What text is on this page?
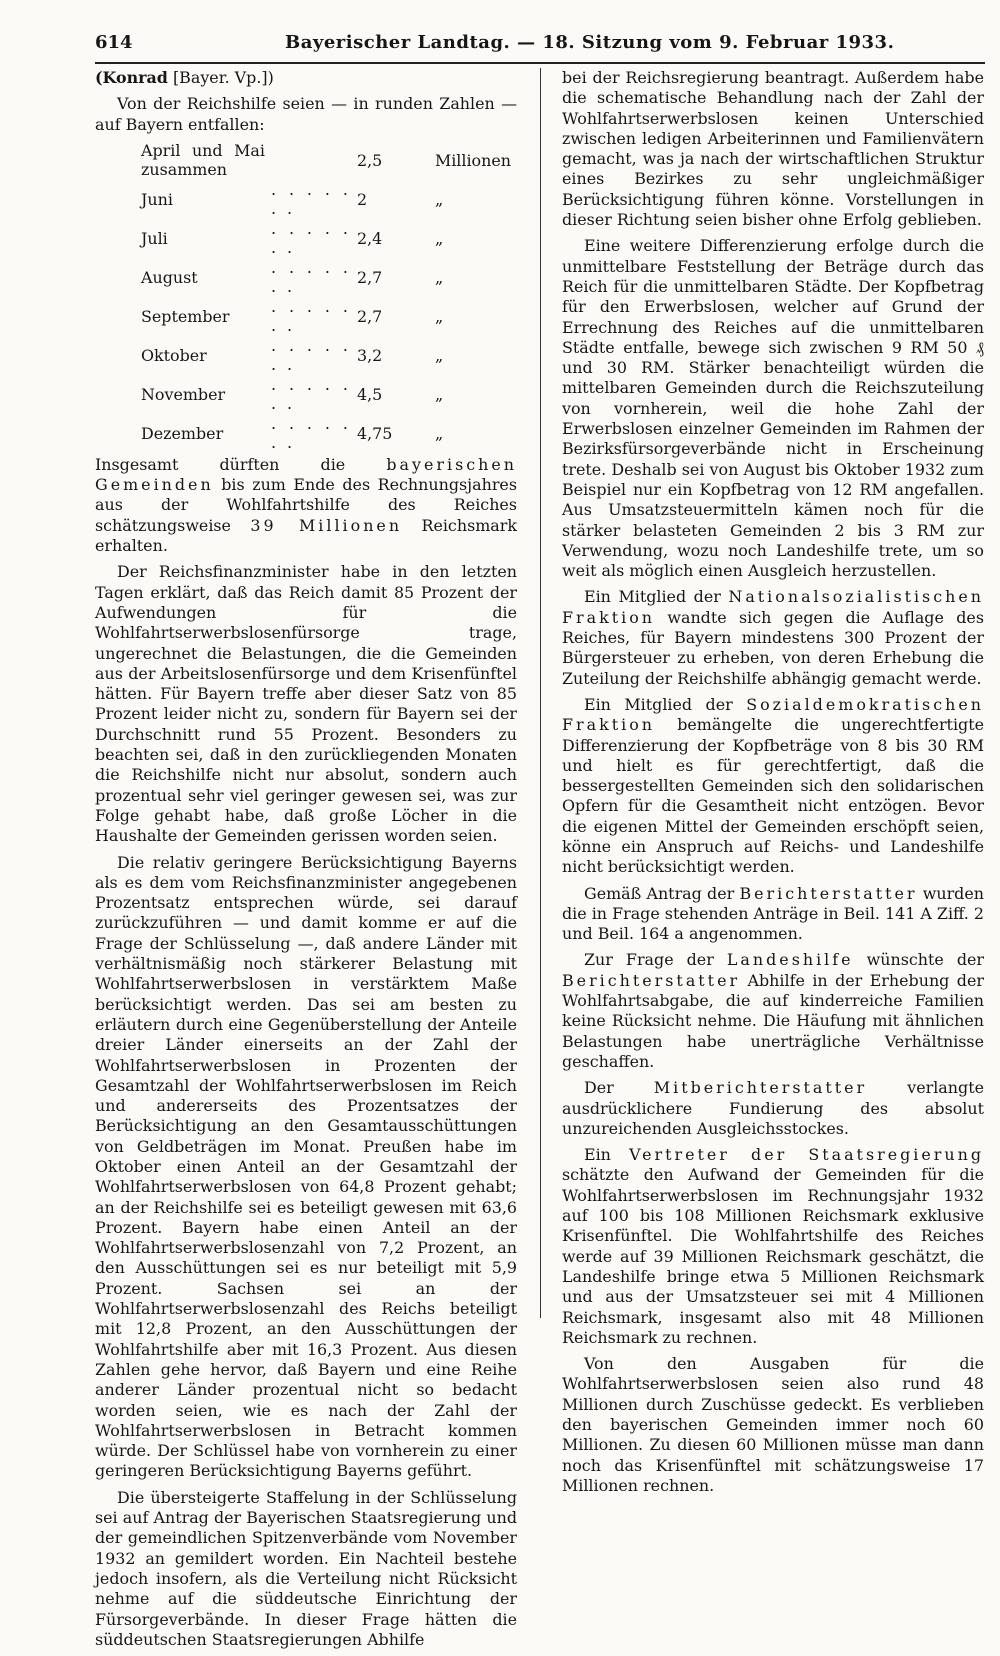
614	Bayerischer Landtag. — 18. Sitzung vom 9. Februar 1933.

(Konrad [Bayer. Vp.])

Von der Reichshilfe seien — in runden Zahlen — auf Bayern entfallen:

April und Mai zusammen		2,5	Millionen
Juni	. . . . . . .	2	„
Juli	. . . . . . .	2,4	„
August	. . . . . . .	2,7	„
September	. . . . . . .	2,7	„
Oktober	. . . . . . .	3,2	„
November	. . . . . . .	4,5	„
Dezember	. . . . . . .	4,75	„

Insgesamt dürften die	bayerischen Gemeinden bis zum Ende des Rechnungsjahres aus der Wohlfahrtshilfe des Reiches schätzungsweise 39 Millionen Reichsmark erhalten.

Der Reichsfinanzminister habe in den letzten Tagen erklärt, daß das Reich damit 85 Prozent der Aufwendungen für die Wohlfahrtserwerbslosenfürsorge trage, ungerechnet die Belastungen, die die Gemeinden aus der Arbeitslosenfürsorge und dem Krisenfünftel hätten. Für Bayern treffe aber dieser Satz von 85 Prozent leider nicht zu, sondern für Bayern sei der Durchschnitt rund 55 Prozent. Besonders zu beachten sei, daß in den zurückliegenden Monaten die Reichshilfe nicht nur absolut, sondern auch prozentual sehr viel geringer gewesen sei, was zur Folge gehabt habe, daß große Löcher in die Haushalte der Gemeinden gerissen worden seien.

Die relativ geringere Berücksichtigung Bayerns als es dem vom Reichsfinanzminister angegebenen Prozentsatz entsprechen würde, sei darauf zurückzuführen — und damit komme er auf die Frage der Schlüsselung —, daß andere Länder mit verhältnismäßig noch stärkerer Belastung mit Wohlfahrtserwerbslosen in verstärktem Maße berücksichtigt werden. Das sei am besten zu erläutern durch eine Gegenüberstellung der Anteile dreier Länder einerseits an der Zahl der Wohlfahrtserwerbslosen in Prozenten der Gesamtzahl der Wohlfahrtserwerbslosen im Reich und andererseits des Prozentsatzes der Berücksichtigung an den Gesamtausschüttungen von Geldbeträgen im Monat. Preußen habe im Oktober einen Anteil an der Gesamtzahl der Wohlfahrtserwerbslosen von 64,8 Prozent gehabt; an der Reichshilfe sei es beteiligt gewesen mit 63,6 Prozent. Bayern habe einen Anteil an der Wohlfahrtserwerbslosenzahl von 7,2 Prozent, an den Ausschüttungen sei es nur beteiligt mit 5,9 Prozent. Sachsen sei an der Wohlfahrtserwerbslosenzahl des Reichs beteiligt mit 12,8 Prozent, an den Ausschüttungen der Wohlfahrtshilfe aber mit 16,3 Prozent. Aus diesen Zahlen gehe hervor, daß Bayern und eine Reihe anderer Länder prozentual nicht so bedacht worden seien, wie es nach der Zahl der Wohlfahrtserwerbslosen in Betracht kommen würde. Der Schlüssel habe von vornherein zu einer geringeren Berücksichtigung Bayerns geführt.

Die übersteigerte Staffelung in der Schlüsselung sei auf Antrag der Bayerischen Staatsregierung und der gemeindlichen Spitzenverbände vom November 1932 an gemildert worden. Ein Nachteil bestehe jedoch insofern, als die Verteilung nicht Rücksicht nehme auf die süddeutsche Einrichtung der Fürsorgeverbände. In dieser Frage hätten die süddeutschen Staatsregierungen Abhilfe

bei der Reichsregierung beantragt. Außerdem habe die schematische Behandlung nach der Zahl der Wohlfahrtserwerbslosen keinen Unterschied zwischen ledigen Arbeiterinnen und Familienvätern gemacht, was ja nach der wirtschaftlichen Struktur eines Bezirkes zu sehr ungleichmäßiger Berücksichtigung führen könne. Vorstellungen in dieser Richtung seien bisher ohne Erfolg geblieben.

Eine weitere Differenzierung erfolge durch die unmittelbare Feststellung der Beträge durch das Reich für die unmittelbaren Städte. Der Kopfbetrag für den Erwerbslosen, welcher auf Grund der Errechnung des Reiches auf die unmittelbaren Städte entfalle, bewege sich zwischen 9 RM 50 ₰ und 30 RM. Stärker benachteiligt würden die mittelbaren Gemeinden durch die Reichszuteilung von vornherein, weil die hohe Zahl der Erwerbslosen einzelner Gemeinden im Rahmen der Bezirksfürsorgeverbände nicht in Erscheinung trete. Deshalb sei von August bis Oktober 1932 zum Beispiel nur ein Kopfbetrag von 12 RM angefallen. Aus Umsatzsteuermitteln kämen noch für die stärker belasteten Gemeinden 2 bis 3 RM zur Verwendung, wozu noch Landeshilfe trete, um so weit als möglich einen Ausgleich herzustellen.

Ein Mitglied der Nationalsozialistischen Fraktion wandte sich gegen die Auflage des Reiches, für Bayern mindestens 300 Prozent der Bürgersteuer zu erheben, von deren Erhebung die Zuteilung der Reichshilfe abhängig gemacht werde.

Ein Mitglied der Sozialdemokratischen Fraktion bemängelte die ungerechtfertigte Differenzierung der Kopfbeträge von 8 bis 30 RM und hielt es für gerechtfertigt, daß die bessergestellten Gemeinden sich den solidarischen Opfern für die Gesamtheit nicht entzögen. Bevor die eigenen Mittel der Gemeinden erschöpft seien, könne ein Anspruch auf Reichs- und Landeshilfe nicht berücksichtigt werden.

Gemäß Antrag der Berichterstatter wurden die in Frage stehenden Anträge in Beil. 141 A Ziff. 2 und Beil. 164 a angenommen.

Zur Frage der Landeshilfe wünschte der Berichterstatter Abhilfe in der Erhebung der Wohlfahrtsabgabe, die auf kinderreiche Familien keine Rücksicht nehme. Die Häufung mit ähnlichen Belastungen habe unerträgliche Verhältnisse geschaffen.

Der	Mitberichterstatter	verlangte ausdrücklichere Fundierung des absolut unzureichenden Ausgleichsstockes.

Ein Vertreter der Staatsregierung schätzte den Aufwand der Gemeinden für die Wohlfahrtserwerbslosen im Rechnungsjahr 1932 auf 100 bis 108 Millionen Reichsmark exklusive Krisenfünftel. Die Wohlfahrtshilfe des Reiches werde auf 39 Millionen Reichsmark geschätzt, die Landeshilfe bringe etwa 5 Millionen Reichsmark und aus der Umsatzsteuer sei mit 4 Millionen Reichsmark, insgesamt also mit 48 Millionen Reichsmark zu rechnen.

Von den Ausgaben für die Wohlfahrtserwerbslosen seien also rund 48 Millionen durch Zuschüsse gedeckt. Es verblieben den bayerischen Gemeinden immer noch 60 Millionen. Zu diesen 60 Millionen müsse man dann noch das Krisenfünftel mit schätzungsweise 17 Millionen rechnen.
